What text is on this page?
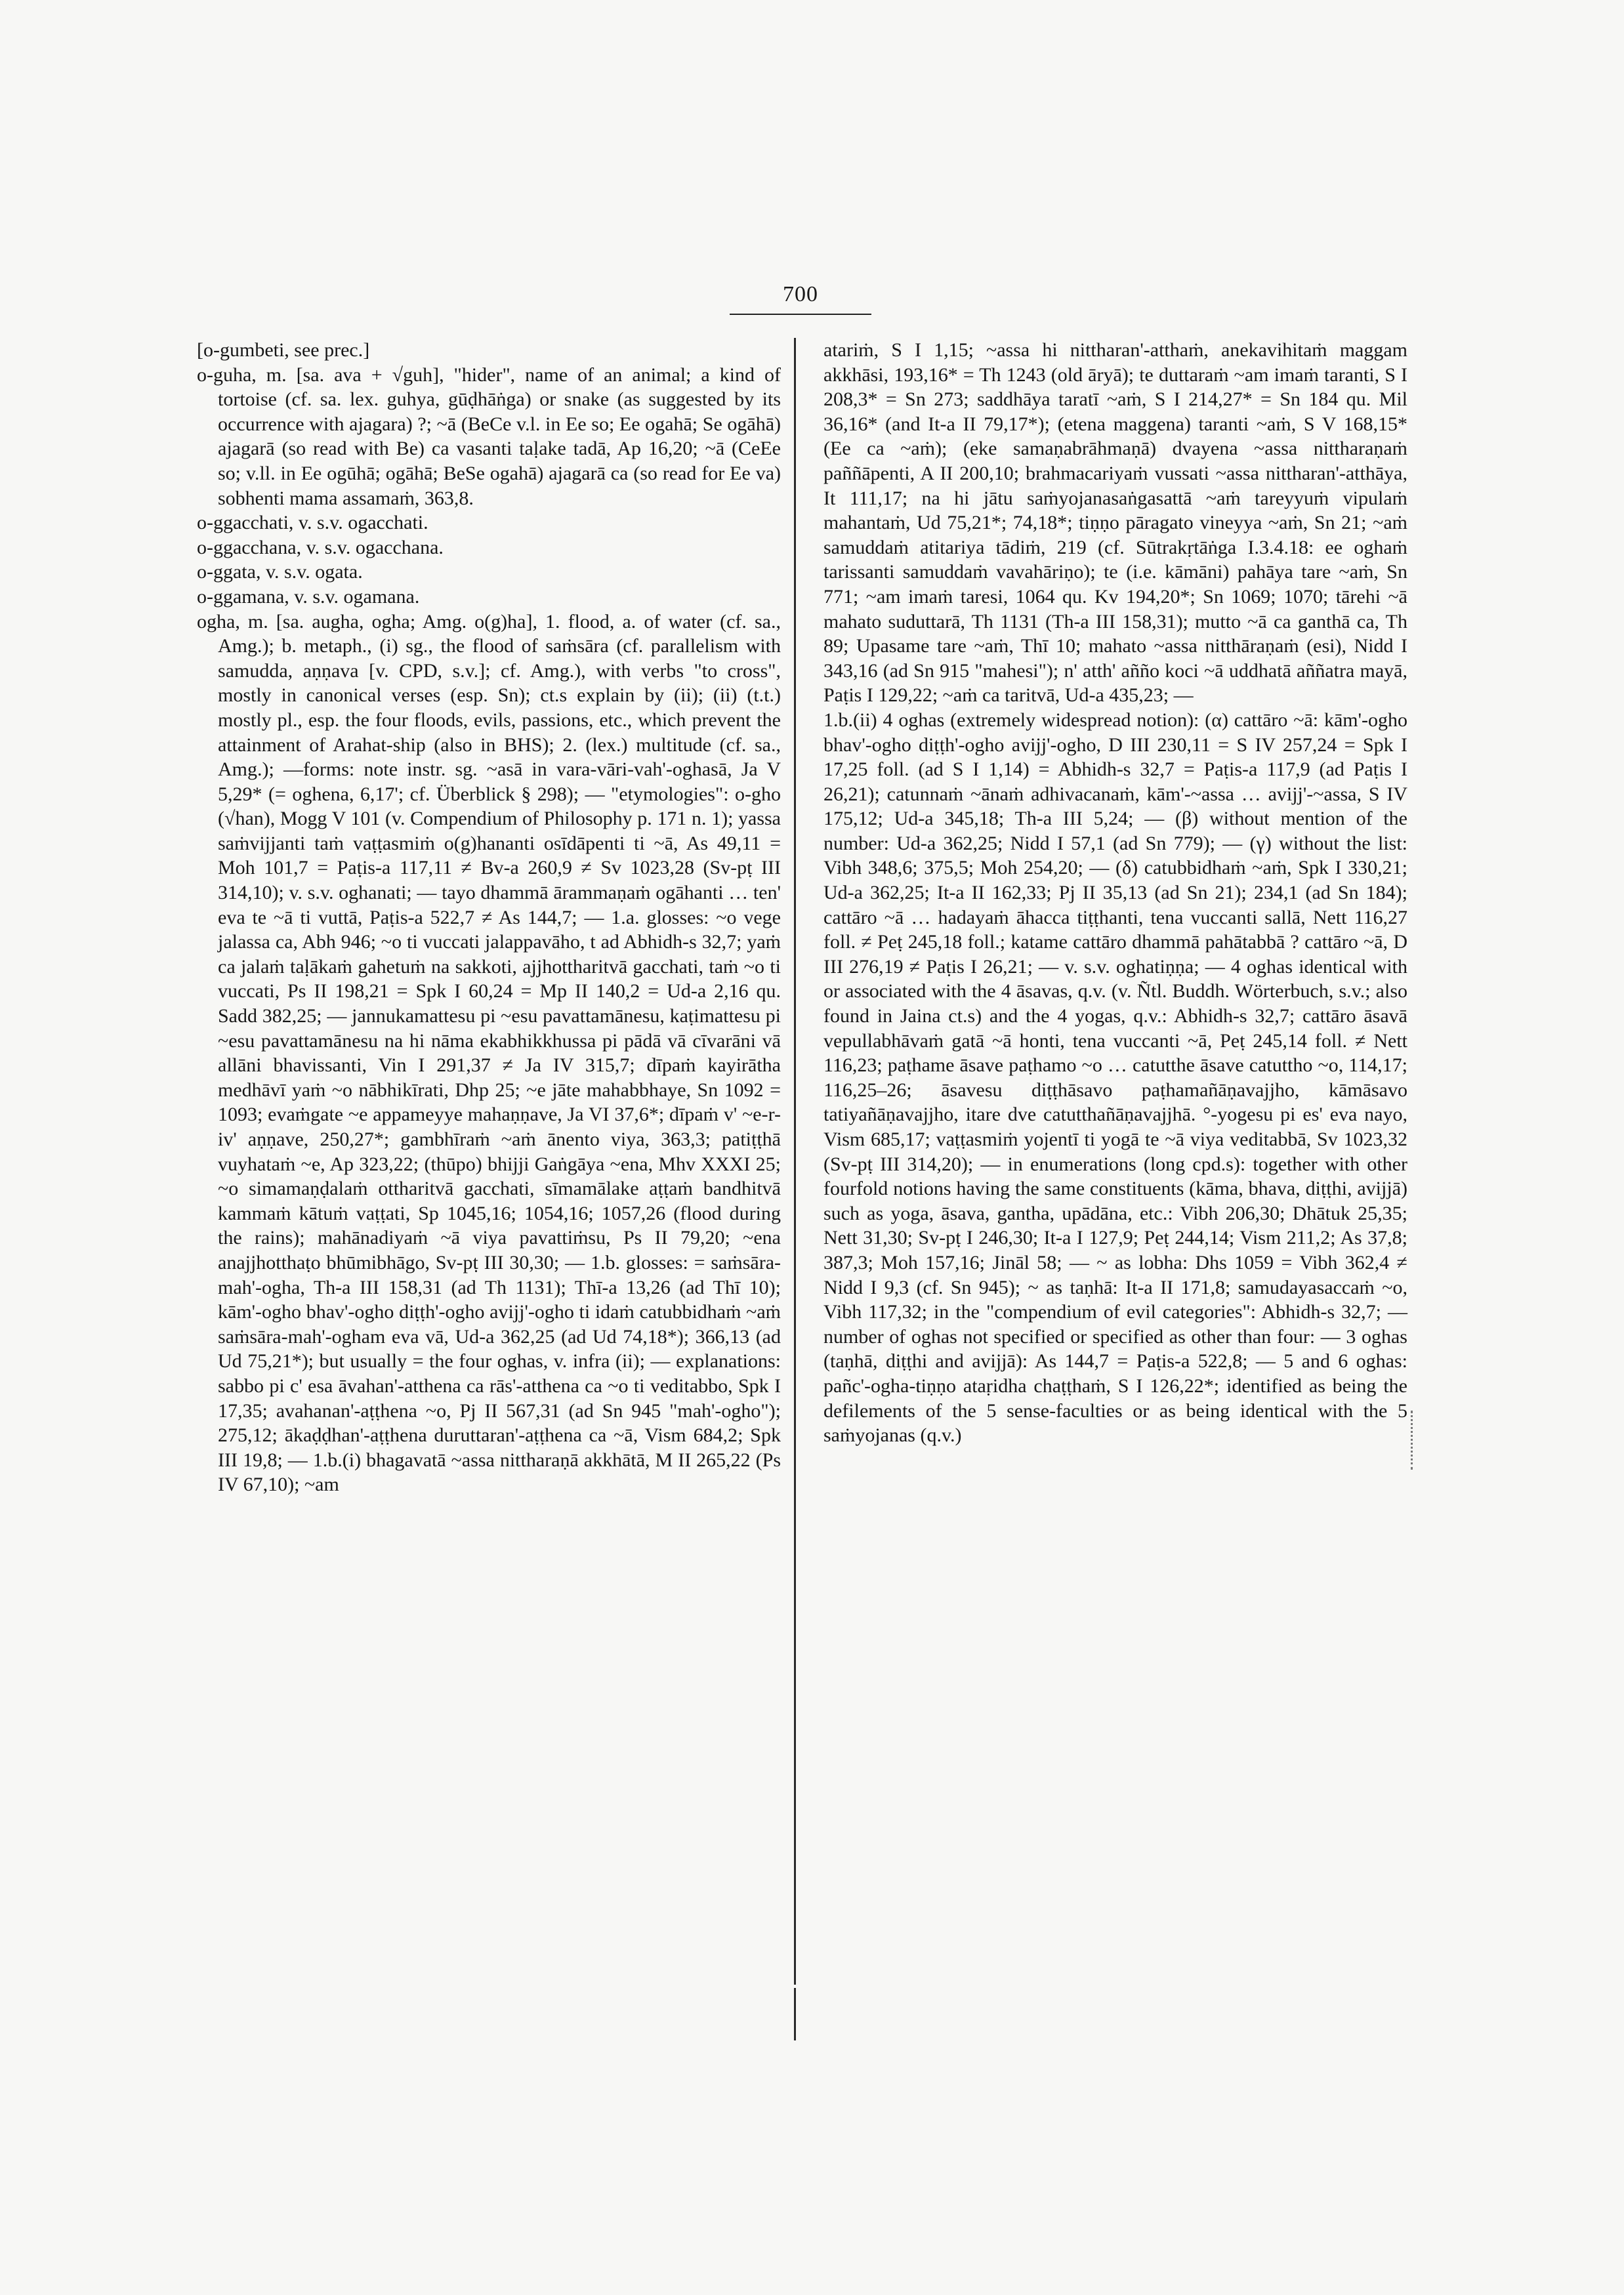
700

[o-gumbeti, see prec.]

o-guha, m. [sa. ava + √guh], "hider", name of an animal; a kind of tortoise (cf. sa. lex. guhya, gūḍhāṅga) or snake (as suggested by its occurrence with ajagara) ?; ~ā (BeCe v.l. in Ee so; Ee ogahā; Se ogāhā) ajagarā (so read with Be) ca vasanti taḷake tadā, Ap 16,20; ~ā (CeEe so; v.ll. in Ee ogūhā; ogāhā; BeSe ogahā) ajagarā ca (so read for Ee va) sobhenti mama assamaṁ, 363,8.

o-ggacchati, v. s.v. ogacchati.

o-ggacchana, v. s.v. ogacchana.

o-ggata, v. s.v. ogata.

o-ggamana, v. s.v. ogamana.

ogha, m. [sa. augha, ogha; Amg. o(g)ha], 1. flood, a. of water (cf. sa., Amg.); b. metaph., (i) sg., the flood of saṁsāra (cf. parallelism with samudda, aṇṇava [v. CPD, s.v.]; cf. Amg.), with verbs "to cross", mostly in canonical verses (esp. Sn); ct.s explain by (ii); (ii) (t.t.) mostly pl., esp. the four floods, evils, passions, etc., which prevent the attainment of Arahat-ship (also in BHS); 2. (lex.) multitude (cf. sa., Amg.); —forms: note instr. sg. ~asā in vara-vāri-vah'-oghasā, Ja V 5,29* (= oghena, 6,17'; cf. Überblick § 298); — "etymologies": o-gho (√han), Mogg V 101 (v. Compendium of Philosophy p. 171 n. 1); yassa saṁvijjanti taṁ vaṭṭasmiṁ o(g)hananti osīdāpenti ti ~ā, As 49,11 = Moh 101,7 = Paṭis-a 117,11 ≠ Bv-a 260,9 ≠ Sv 1023,28 (Sv-pṭ III 314,10); v. s.v. oghanati; — tayo dhammā ārammaṇaṁ ogāhanti … ten' eva te ~ā ti vuttā, Paṭis-a 522,7 ≠ As 144,7; — 1.a. glosses: ~o vege jalassa ca, Abh 946; ~o ti vuccati jalappavāho, t ad Abhidh-s 32,7; yaṁ ca jalaṁ taḷākaṁ gahetuṁ na sakkoti, ajjhottharitvā gacchati, taṁ ~o ti vuccati, Ps II 198,21 = Spk I 60,24 = Mp II 140,2 = Ud-a 2,16 qu. Sadd 382,25; — jannukamattesu pi ~esu pavattamānesu, kaṭimattesu pi ~esu pavattamānesu na hi nāma ekabhikkhussa pi pādā vā cīvarāni vā allāni bhavissanti, Vin I 291,37 ≠ Ja IV 315,7; dīpaṁ kayirātha medhāvī yaṁ ~o nābhikīrati, Dhp 25; ~e jāte mahabbhaye, Sn 1092 = 1093; evaṁgate ~e appameyye mahaṇṇave, Ja VI 37,6*; dīpaṁ v' ~e-r-iv' aṇṇave, 250,27*; gambhīraṁ ~aṁ ānento viya, 363,3; patiṭṭhā vuyhataṁ ~e, Ap 323,22; (thūpo) bhijji Gaṅgāya ~ena, Mhv XXXI 25; ~o simamaṇḍalaṁ ottharitvā gacchati, sīmamālake aṭṭaṁ bandhitvā kammaṁ kātuṁ vaṭṭati, Sp 1045,16; 1054,16; 1057,26 (flood during the rains); mahānadiyaṁ ~ā viya pavattiṁsu, Ps II 79,20; ~ena anajjhotthaṭo bhūmibhāgo, Sv-pṭ III 30,30; — 1.b. glosses: = saṁsāra-mah'-ogha, Th-a III 158,31 (ad Th 1131); Thī-a 13,26 (ad Thī 10); kām'-ogho bhav'-ogho diṭṭh'-ogho avijj'-ogho ti idaṁ catubbidhaṁ ~aṁ saṁsāra-mah'-ogham eva vā, Ud-a 362,25 (ad Ud 74,18*); 366,13 (ad Ud 75,21*); but usually = the four oghas, v. infra (ii); — explanations: sabbo pi c' esa āvahan'-atthena ca rās'-atthena ca ~o ti veditabbo, Spk I 17,35; avahanan'-aṭṭhena ~o, Pj II 567,31 (ad Sn 945 "mah'-ogho"); 275,12; ākaḍḍhan'-aṭṭhena duruttaran'-aṭṭhena ca ~ā, Vism 684,2; Spk III 19,8; — 1.b.(i) bhagavatā ~assa nittharaṇā akkhātā, M II 265,22 (Ps IV 67,10); ~am

atariṁ, S I 1,15; ~assa hi nittharan'-atthaṁ, anekavihitaṁ maggam akkhāsi, 193,16* = Th 1243 (old āryā); te duttaraṁ ~am imaṁ taranti, S I 208,3* = Sn 273; saddhāya taratī ~aṁ, S I 214,27* = Sn 184 qu. Mil 36,16* (and It-a II 79,17*); (etena maggena) taranti ~aṁ, S V 168,15* (Ee ca ~aṁ); (eke samaṇabrāhmaṇā) dvayena ~assa nittharaṇaṁ paññāpenti, A II 200,10; brahmacariyaṁ vussati ~assa nittharan'-atthāya, It 111,17; na hi jātu saṁyojanasaṅgasattā ~aṁ tareyyuṁ vipulaṁ mahantaṁ, Ud 75,21*; 74,18*; tiṇṇo pāragato vineyya ~aṁ, Sn 21; ~aṁ samuddaṁ atitariya tādiṁ, 219 (cf. Sūtrakṛtāṅga I.3.4.18: ee oghaṁ tarissanti samuddaṁ vavahāriṇo); te (i.e. kāmāni) pahāya tare ~aṁ, Sn 771; ~am imaṁ taresi, 1064 qu. Kv 194,20*; Sn 1069; 1070; tārehi ~ā mahato suduttarā, Th 1131 (Th-a III 158,31); mutto ~ā ca ganthā ca, Th 89; Upasame tare ~aṁ, Thī 10; mahato ~assa nitthāraṇaṁ (esi), Nidd I 343,16 (ad Sn 915 "mahesi"); n' atth' añño koci ~ā uddhatā aññatra mayā, Paṭis I 129,22; ~aṁ ca taritvā, Ud-a 435,23; —

1.b.(ii) 4 oghas (extremely widespread notion): (α) cattāro ~ā: kām'-ogho bhav'-ogho diṭṭh'-ogho avijj'-ogho, D III 230,11 = S IV 257,24 = Spk I 17,25 foll. (ad S I 1,14) = Abhidh-s 32,7 = Paṭis-a 117,9 (ad Paṭis I 26,21); catunnaṁ ~ānaṁ adhivacanaṁ, kām'-~assa … avijj'-~assa, S IV 175,12; Ud-a 345,18; Th-a III 5,24; — (β) without mention of the number: Ud-a 362,25; Nidd I 57,1 (ad Sn 779); — (γ) without the list: Vibh 348,6; 375,5; Moh 254,20; — (δ) catubbidhaṁ ~aṁ, Spk I 330,21; Ud-a 362,25; It-a II 162,33; Pj II 35,13 (ad Sn 21); 234,1 (ad Sn 184); cattāro ~ā … hadayaṁ āhacca tiṭṭhanti, tena vuccanti sallā, Nett 116,27 foll. ≠ Peṭ 245,18 foll.; katame cattāro dhammā pahātabbā ? cattāro ~ā, D III 276,19 ≠ Paṭis I 26,21; — v. s.v. oghatiṇṇa; — 4 oghas identical with or associated with the 4 āsavas, q.v. (v. Ñtl. Buddh. Wörterbuch, s.v.; also found in Jaina ct.s) and the 4 yogas, q.v.: Abhidh-s 32,7; cattāro āsavā vepullabhāvaṁ gatā ~ā honti, tena vuccanti ~ā, Peṭ 245,14 foll. ≠ Nett 116,23; paṭhame āsave paṭhamo ~o … catutthe āsave catuttho ~o, 114,17; 116,25–26; āsavesu diṭṭhāsavo paṭhamañāṇavajjho, kāmāsavo tatiyañāṇavajjho, itare dve catutthañāṇavajjhā. °-yogesu pi es' eva nayo, Vism 685,17; vaṭṭasmiṁ yojentī ti yogā te ~ā viya veditabbā, Sv 1023,32 (Sv-pṭ III 314,20); — in enumerations (long cpd.s): together with other fourfold notions having the same constituents (kāma, bhava, diṭṭhi, avijjā) such as yoga, āsava, gantha, upādāna, etc.: Vibh 206,30; Dhātuk 25,35; Nett 31,30; Sv-pṭ I 246,30; It-a I 127,9; Peṭ 244,14; Vism 211,2; As 37,8; 387,3; Moh 157,16; Jināl 58; — ~ as lobha: Dhs 1059 = Vibh 362,4 ≠ Nidd I 9,3 (cf. Sn 945); ~ as taṇhā: It-a II 171,8; samudayasaccaṁ ~o, Vibh 117,32; in the "compendium of evil categories": Abhidh-s 32,7; — number of oghas not specified or specified as other than four: — 3 oghas (taṇhā, diṭṭhi and avijjā): As 144,7 = Paṭis-a 522,8; — 5 and 6 oghas: pañc'-ogha-tiṇṇo ataṛidha chaṭṭhaṁ, S I 126,22*; identified as being the defilements of the 5 sense-faculties or as being identical with the 5 saṁyojanas (q.v.)
